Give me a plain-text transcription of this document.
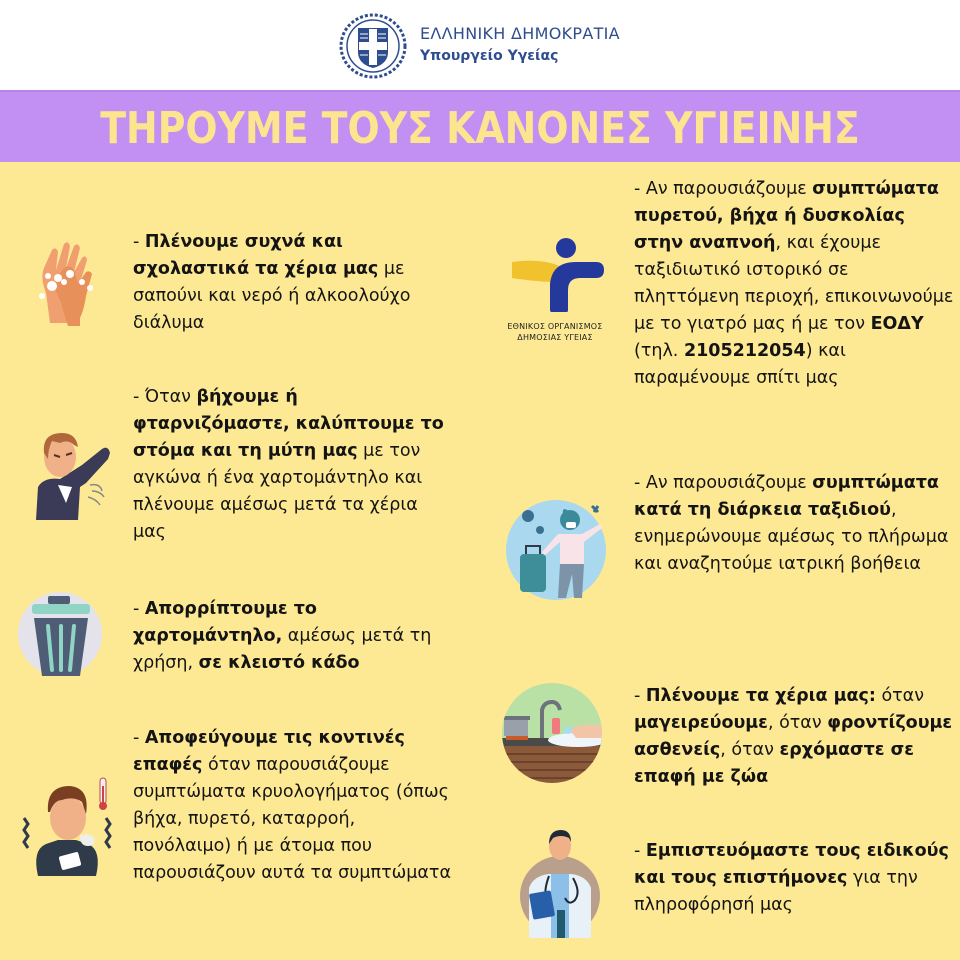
ΕΛΛΗΝΙΚΗ ΔΗΜΟΚΡΑΤΙΑ
Υπουργείο Υγείας
ΤΗΡΟΥΜΕ ΤΟΥΣ ΚΑΝΟΝΕΣ ΥΓΙΕΙΝΗΣ
- Πλένουμε συχνά και σχολαστικά τα χέρια μας με σαπούνι και νερό ή αλκοολούχο διάλυμα
- Όταν βήχουμε ή φταρνιζόμαστε, καλύπτουμε το στόμα και τη μύτη μας με τον αγκώνα ή ένα χαρτομάντηλο και πλένουμε αμέσως μετά τα χέρια μας
- Απορρίπτουμε το χαρτομάντηλο, αμέσως μετά τη χρήση, σε κλειστό κάδο
- Αποφεύγουμε τις κοντινές επαφές όταν παρουσιάζουμε συμπτώματα κρυολογήματος (όπως βήχα, πυρετό, καταρροή, πονόλαιμο) ή με άτομα που παρουσιάζουν αυτά τα συμπτώματα
ΕΘΝΙΚΟΣ ΟΡΓΑΝΙΣΜΟΣ
ΔΗΜΟΣΙΑΣ ΥΓΕΙΑΣ
- Αν παρουσιάζουμε συμπτώματα πυρετού, βήχα ή δυσκολίας στην αναπνοή, και έχουμε ταξιδιωτικό ιστορικό σε πληττόμενη περιοχή, επικοινωνούμε με το γιατρό μας ή με τον ΕΟΔΥ (τηλ. 2105212054) και παραμένουμε σπίτι μας
- Αν παρουσιάζουμε συμπτώματα κατά τη διάρκεια ταξιδιού, ενημερώνουμε αμέσως το πλήρωμα και αναζητούμε ιατρική βοήθεια
- Πλένουμε τα χέρια μας: όταν μαγειρεύουμε, όταν φροντίζουμε ασθενείς, όταν ερχόμαστε σε επαφή με ζώα
- Εμπιστευόμαστε τους ειδικούς και τους επιστήμονες για την πληροφόρησή μας
